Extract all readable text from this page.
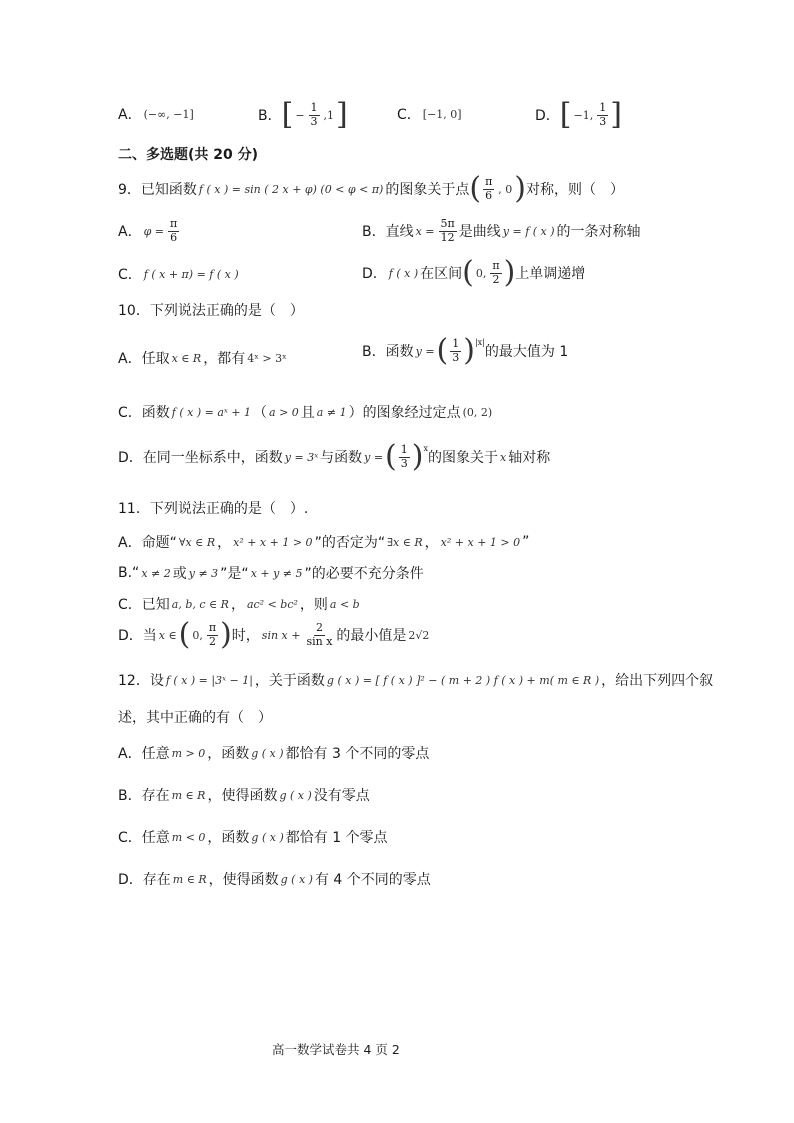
A． (−∞, −1]	B． [ − $\frac{1}{3} ,1$ ]	C． [−1, 0]	D． [ −1, $\frac{1}{3}$ ]
二、多选题(共 20 分)
9．已知函数 f ( x ) = sin ( 2 x + φ) (0 < φ < π) 的图象关于点 ( $\frac{\pi}{6}$ , 0 ) 对称，则（　）
A． $\varphi = \frac{\pi}{6}$	B．直线 $x = \frac{5\pi}{12}$ 是曲线 y = f ( x ) 的一条对称轴
C． f ( x + π) = f ( x )	D． f ( x ) 在区间 ( 0, $\frac{\pi}{2}$ ) 上单调递增
10．下列说法正确的是（　）
A．任取 x ∈ R ，都有 4ˣ > 3ˣ	B．函数 y = ( $\frac{1}{3}$ ) |x|
的最大值为 1
C．函数 f ( x ) = aˣ + 1 （ a > 0 且 a ≠ 1 ）的图象经过定点 (0, 2)
D．在同一坐标系中，函数 y = 3ˣ 与函数 y = ( $\frac{1}{3}$ ) x
的图象关于 x 轴对称
11．下列说法正确的是（　）.
A．命题“ ∀x ∈ R ， x² + x + 1 > 0 ”的否定为“ ∃x ∈ R ， x² + x + 1 > 0 ”
B.“ x ≠ 2 或 y ≠ 3 ”是“ x + y ≠ 5 ”的必要不充分条件
C．已知 a, b, c ∈ R ， ac² < bc² ，则 a < b
D．当 x ∈ ( 0, $\frac{\pi}{2}$ ) 时， $\sin x + \frac{2}{\text{sin x}}$ 的最小值是 2√2
12．设 f ( x ) = |3ˣ − 1| ，关于函数 g ( x ) = [ f ( x ) ]² − ( m + 2 ) f ( x ) + m( m ∈ R ) ，给出下列四个叙
述，其中正确的有（　）
A．任意 m > 0 ，函数 g ( x ) 都恰有 3 个不同的零点
B．存在 m ∈ R ，使得函数 g ( x ) 没有零点
C．任意 m < 0 ，函数 g ( x ) 都恰有 1 个零点
D．存在 m ∈ R ，使得函数 g ( x ) 有 4 个不同的零点
高一数学试卷共 4 页 2
